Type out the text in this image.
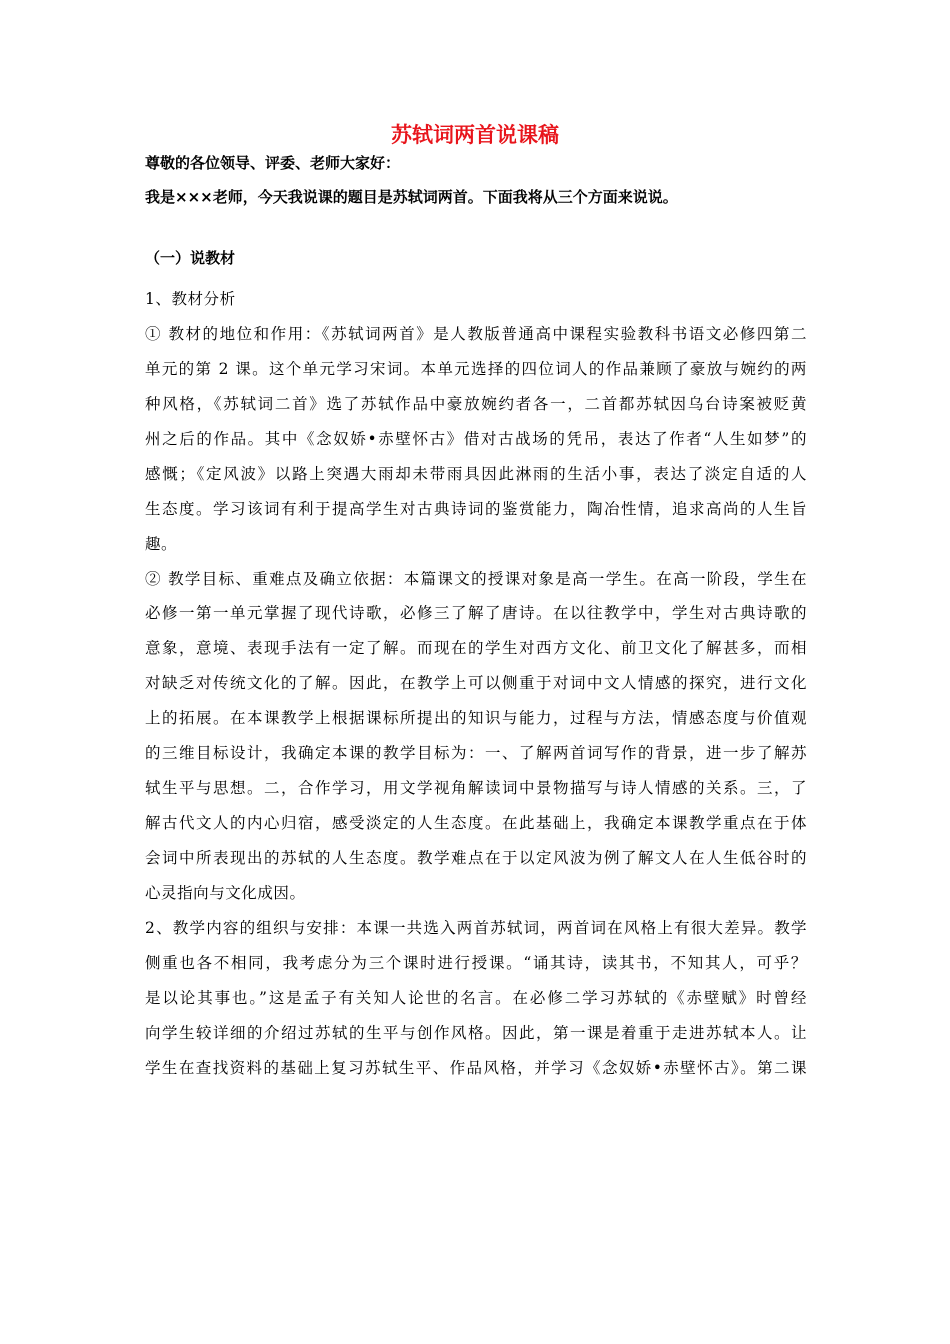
苏轼词两首说课稿
尊敬的各位领导、评委、老师大家好：
我是×××老师，今天我说课的题目是苏轼词两首。下面我将从三个方面来说说。
（一）说教材
1、教材分析
① 教材的地位和作用：《苏轼词两首》是人教版普通高中课程实验教科书语文必修四第二
单元的第 2 课。这个单元学习宋词。本单元选择的四位词人的作品兼顾了豪放与婉约的两
种风格，《苏轼词二首》选了苏轼作品中豪放婉约者各一，二首都苏轼因乌台诗案被贬黄
州之后的作品。其中《念奴娇•赤壁怀古》借对古战场的凭吊，表达了作者“人生如梦”的
感慨；《定风波》以路上突遇大雨却未带雨具因此淋雨的生活小事，表达了淡定自适的人
生态度。学习该词有利于提高学生对古典诗词的鉴赏能力，陶冶性情，追求高尚的人生旨
趣。
② 教学目标、重难点及确立依据：本篇课文的授课对象是高一学生。在高一阶段，学生在
必修一第一单元掌握了现代诗歌，必修三了解了唐诗。在以往教学中，学生对古典诗歌的
意象，意境、表现手法有一定了解。而现在的学生对西方文化、前卫文化了解甚多，而相
对缺乏对传统文化的了解。因此，在教学上可以侧重于对词中文人情感的探究，进行文化
上的拓展。在本课教学上根据课标所提出的知识与能力，过程与方法，情感态度与价值观
的三维目标设计，我确定本课的教学目标为：一、了解两首词写作的背景，进一步了解苏
轼生平与思想。二，合作学习，用文学视角解读词中景物描写与诗人情感的关系。三，了
解古代文人的内心归宿，感受淡定的人生态度。在此基础上，我确定本课教学重点在于体
会词中所表现出的苏轼的人生态度。教学难点在于以定风波为例了解文人在人生低谷时的
心灵指向与文化成因。
2、教学内容的组织与安排：本课一共选入两首苏轼词，两首词在风格上有很大差异。教学
侧重也各不相同，我考虑分为三个课时进行授课。“诵其诗，读其书，不知其人，可乎？
是以论其事也。”这是孟子有关知人论世的名言。在必修二学习苏轼的《赤壁赋》时曾经
向学生较详细的介绍过苏轼的生平与创作风格。因此，第一课是着重于走进苏轼本人。让
学生在查找资料的基础上复习苏轼生平、作品风格，并学习《念奴娇•赤壁怀古》。第二课
